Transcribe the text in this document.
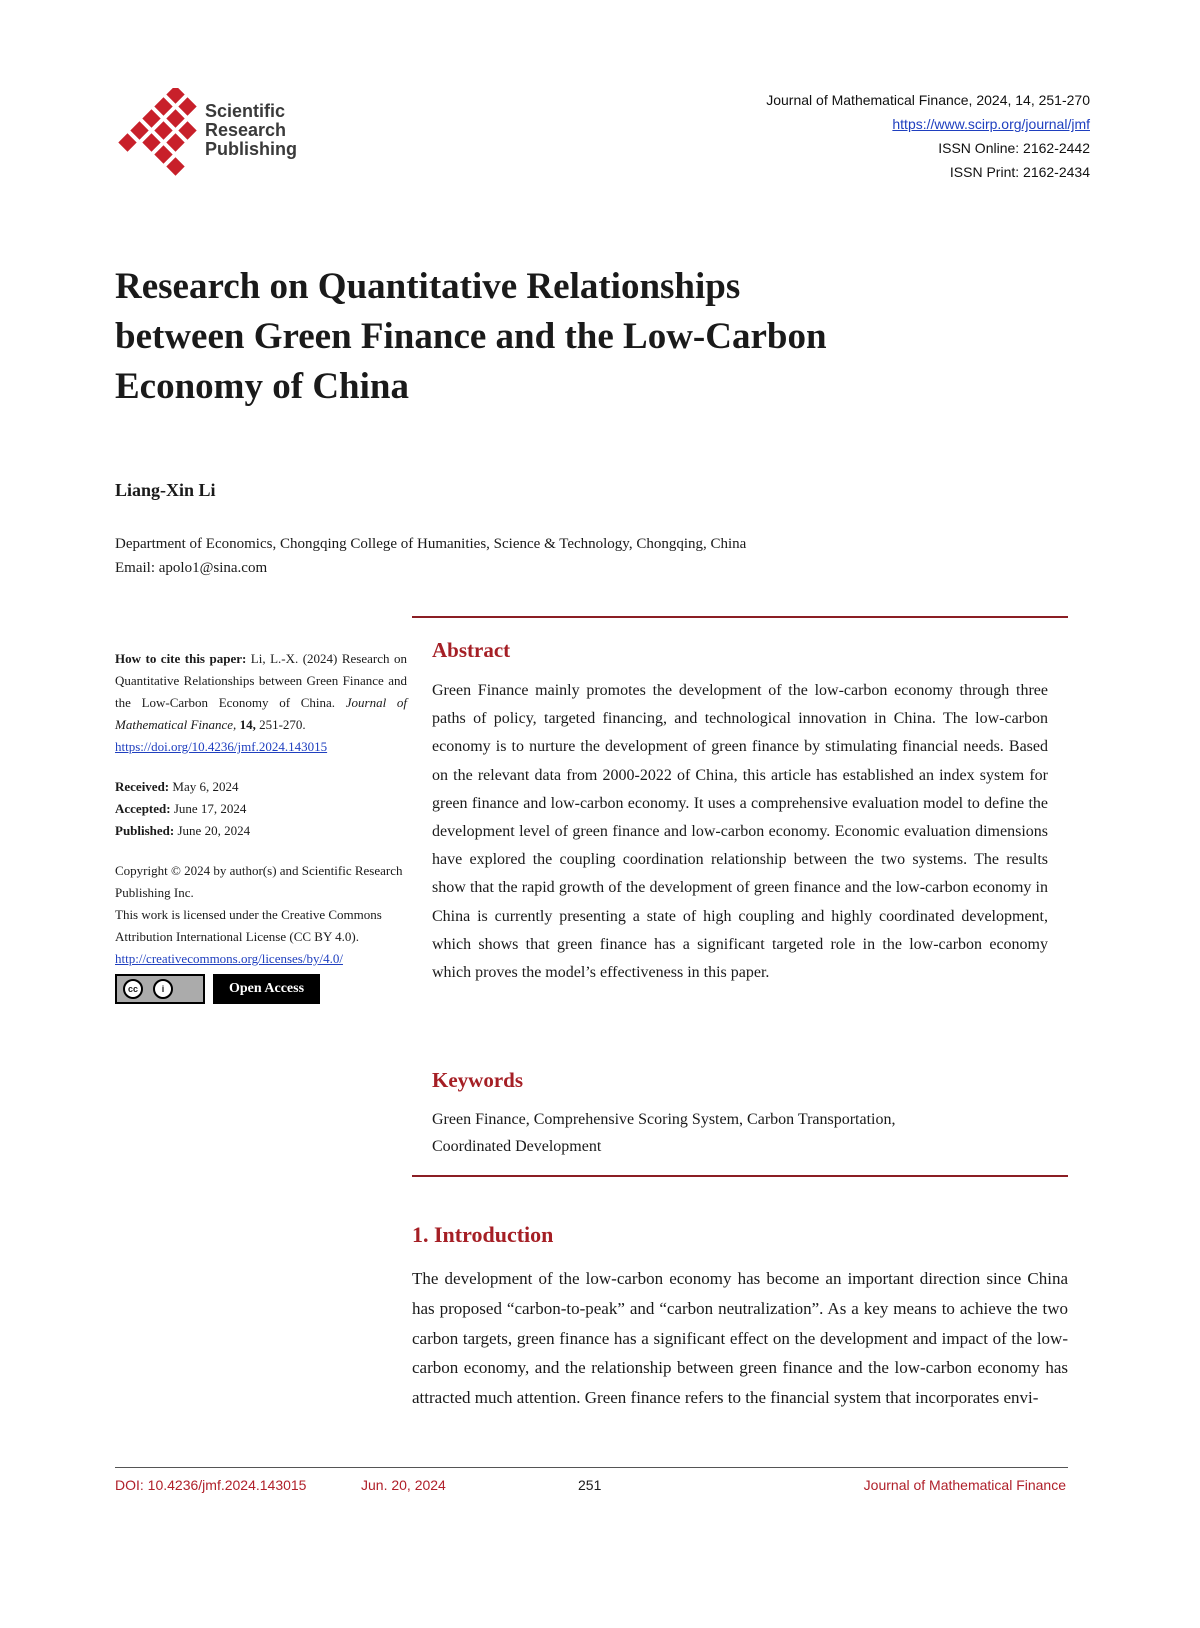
Scientific
Research
Publishing
Journal of Mathematical Finance, 2024, 14, 251-270
https://www.scirp.org/journal/jmf
ISSN Online: 2162-2442
ISSN Print: 2162-2434
Research on Quantitative Relationships
between Green Finance and the Low-Carbon
Economy of China
Liang-Xin Li
Department of Economics, Chongqing College of Humanities, Science & Technology, Chongqing, China
Email: apolo1@sina.com
How to cite this paper: Li, L.-X. (2024) Research on Quantitative Relationships between Green Finance and the Low-Carbon Economy of China. Journal of Mathematical Finance, 14, 251-270.
https://doi.org/10.4236/jmf.2024.143015
Received: May 6, 2024
Accepted: June 17, 2024
Published: June 20, 2024
Copyright © 2024 by author(s) and Scientific Research Publishing Inc.
This work is licensed under the Creative Commons Attribution International License (CC BY 4.0).
http://creativecommons.org/licenses/by/4.0/
cc	i	Open Access
Abstract
Green Finance mainly promotes the development of the low-carbon economy through three paths of policy, targeted financing, and technological innovation in China. The low-carbon economy is to nurture the development of green finance by stimulating financial needs. Based on the relevant data from 2000-2022 of China, this article has established an index system for green finance and low-carbon economy. It uses a comprehensive evaluation model to define the development level of green finance and low-carbon economy. Economic evaluation dimensions have explored the coupling coordination relationship between the two systems. The results show that the rapid growth of the development of green finance and the low-carbon economy in China is currently presenting a state of high coupling and highly coordinated development, which shows that green finance has a significant targeted role in the low-carbon economy which proves the model’s effectiveness in this paper.
Keywords
Green Finance, Comprehensive Scoring System, Carbon Transportation,
Coordinated Development
1. Introduction
The development of the low-carbon economy has become an important direction since China has proposed “carbon-to-peak” and “carbon neutralization”. As a key means to achieve the two carbon targets, green finance has a significant effect on the development and impact of the low-carbon economy, and the relationship between green finance and the low-carbon economy has attracted much attention. Green finance refers to the financial system that incorporates envi-
DOI: 10.4236/jmf.2024.143015	Jun. 20, 2024	251	Journal of Mathematical Finance
